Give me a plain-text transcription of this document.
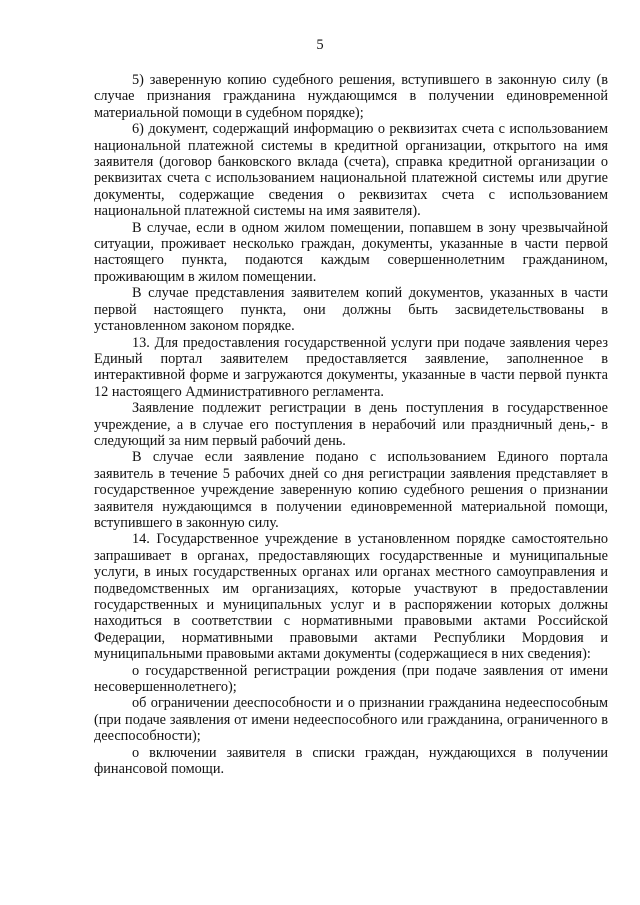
5

5) заверенную копию судебного решения, вступившего в законную силу (в случае признания гражданина нуждающимся в получении единовременной материальной помощи в судебном порядке);

6) документ, содержащий информацию о реквизитах счета с использованием национальной платежной системы в кредитной организации, открытого на имя заявителя (договор банковского вклада (счета), справка кредитной организации о реквизитах счета с использованием национальной платежной системы или другие документы, содержащие сведения о реквизитах счета с использованием национальной платежной системы на имя заявителя).

В случае, если в одном жилом помещении, попавшем в зону чрезвычайной ситуации, проживает несколько граждан, документы, указанные в части первой настоящего пункта, подаются каждым совершеннолетним гражданином, проживающим в жилом помещении.

В случае представления заявителем копий документов, указанных в части первой настоящего пункта, они должны быть засвидетельствованы в установленном законом порядке.

13. Для предоставления государственной услуги при подаче заявления через Единый портал заявителем предоставляется заявление, заполненное в интерактивной форме и загружаются документы, указанные в части первой пункта 12 настоящего Административного регламента.

Заявление подлежит регистрации в день поступления в государственное учреждение, а в случае его поступления в нерабочий или праздничный день,- в следующий за ним первый рабочий день.

В случае если заявление подано с использованием Единого портала заявитель в течение 5 рабочих дней со дня регистрации заявления представляет в государственное учреждение заверенную копию судебного решения о признании заявителя нуждающимся в получении единовременной материальной помощи, вступившего в законную силу.

14. Государственное учреждение в установленном порядке самостоятельно запрашивает в органах, предоставляющих государственные и муниципальные услуги, в иных государственных органах или органах местного самоуправления и подведомственных им организациях, которые участвуют в предоставлении государственных и муниципальных услуг и в распоряжении которых должны находиться в соответствии с нормативными правовыми актами Российской Федерации, нормативными правовыми актами Республики Мордовия и муниципальными правовыми актами документы (содержащиеся в них сведения):

о государственной регистрации рождения (при подаче заявления от имени несовершеннолетнего);

об ограничении дееспособности и о признании гражданина недееспособным (при подаче заявления от имени недееспособного или гражданина, ограниченного в дееспособности);

о включении заявителя в списки граждан, нуждающихся в получении финансовой помощи.
